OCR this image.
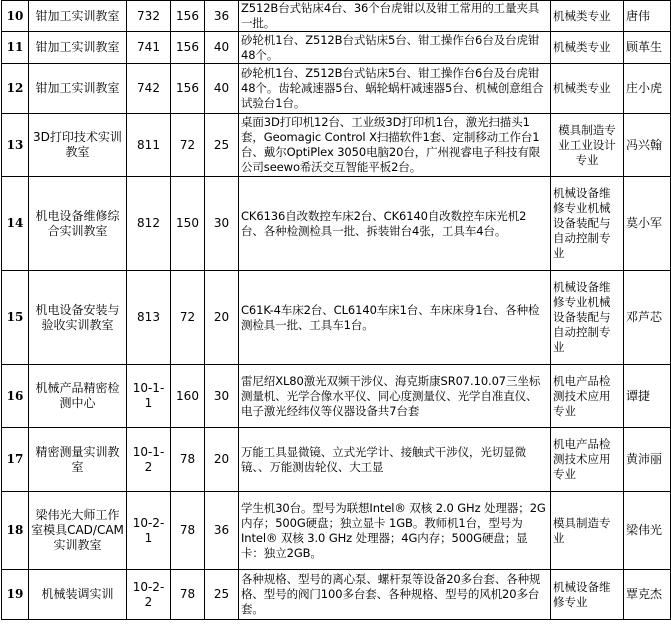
10	钳加工实训教室	732	156	36	Z512B台式钻床4台、36个台虎钳以及钳工常用的工量夹具一批。	机械类专业	唐伟
11	钳加工实训教室	741	156	40	砂轮机1台、Z512B台式钻床5台、钳工操作台6台及台虎钳48个。	机械类专业	顾革生
12	钳加工实训教室	742	156	40	砂轮机1台、Z512B台式钻床5台、钳工操作台6台及台虎钳48个。齿轮减速器5台、蜗轮蜗杆减速器5台、机械创意组合试验台1台。	机械类专业	庄小虎
13	3D打印技术实训教室	811	72	25	桌面3D打印机12台、工业级3D打印机1台，激光扫描头1套，Geomagic Control X扫描软件1套、定制移动工作台1台、戴尔OptiPlex 3050电脑20台，广州视睿电子科技有限公司seewo希沃交互智能平板2台。	模具制造专业工业设计专业	冯兴翰
14	机电设备维修综合实训教室	812	150	30	CK6136自改数控车床2台、CK6140自改数控车床光机2台、各种检测检具一批、拆装钳台4张，工具车4台。	机械设备维修专业机械设备装配与自动控制专业	莫小军
15	机电设备安装与验收实训教室	813	72	20	C61K-4车床2台、CL6140车床1台、车床床身1台、各种检测检具一批、工具车1台。	机械设备维修专业机械设备装配与自动控制专业	邓芦芯
16	机械产品精密检测中心	10-1-1	160	30	雷尼绍XL80激光双频干涉仪、海克斯康SR07.10.07三坐标测量机、光学合像水平仪、同心度测量仪、光学自准直仪、电子激光经纬仪等仪器设备共7台套	机电产品检测技术应用专业	谭捷
17	精密测量实训教室	10-1-2	78	20	万能工具显微镜、立式光学计、接触式干涉仪，光切显微镜、、万能测齿轮仪、大工显	机电产品检测技术应用专业	黄沛丽
18	梁伟光大师工作室模具CAD/CAM实训教室	10-2-1	78	36	学生机30台。型号为联想Intel® 双核 2.0 GHz 处理器；2G内存；500G硬盘；独立显卡 1GB。教师机1台，型号为Intel® 双核 3.0 GHz 处理器；4G内存；500G硬盘；显卡：独立2GB。	模具制造专业	梁伟光
19	机械装调实训	10-2-2	78	25	各种规格、型号的离心泵、螺杆泵等设备20多台套、各种规格、型号的阀门100多台套、各种规格、型号的风机20多台套。	机械设备维修专业	覃克杰
